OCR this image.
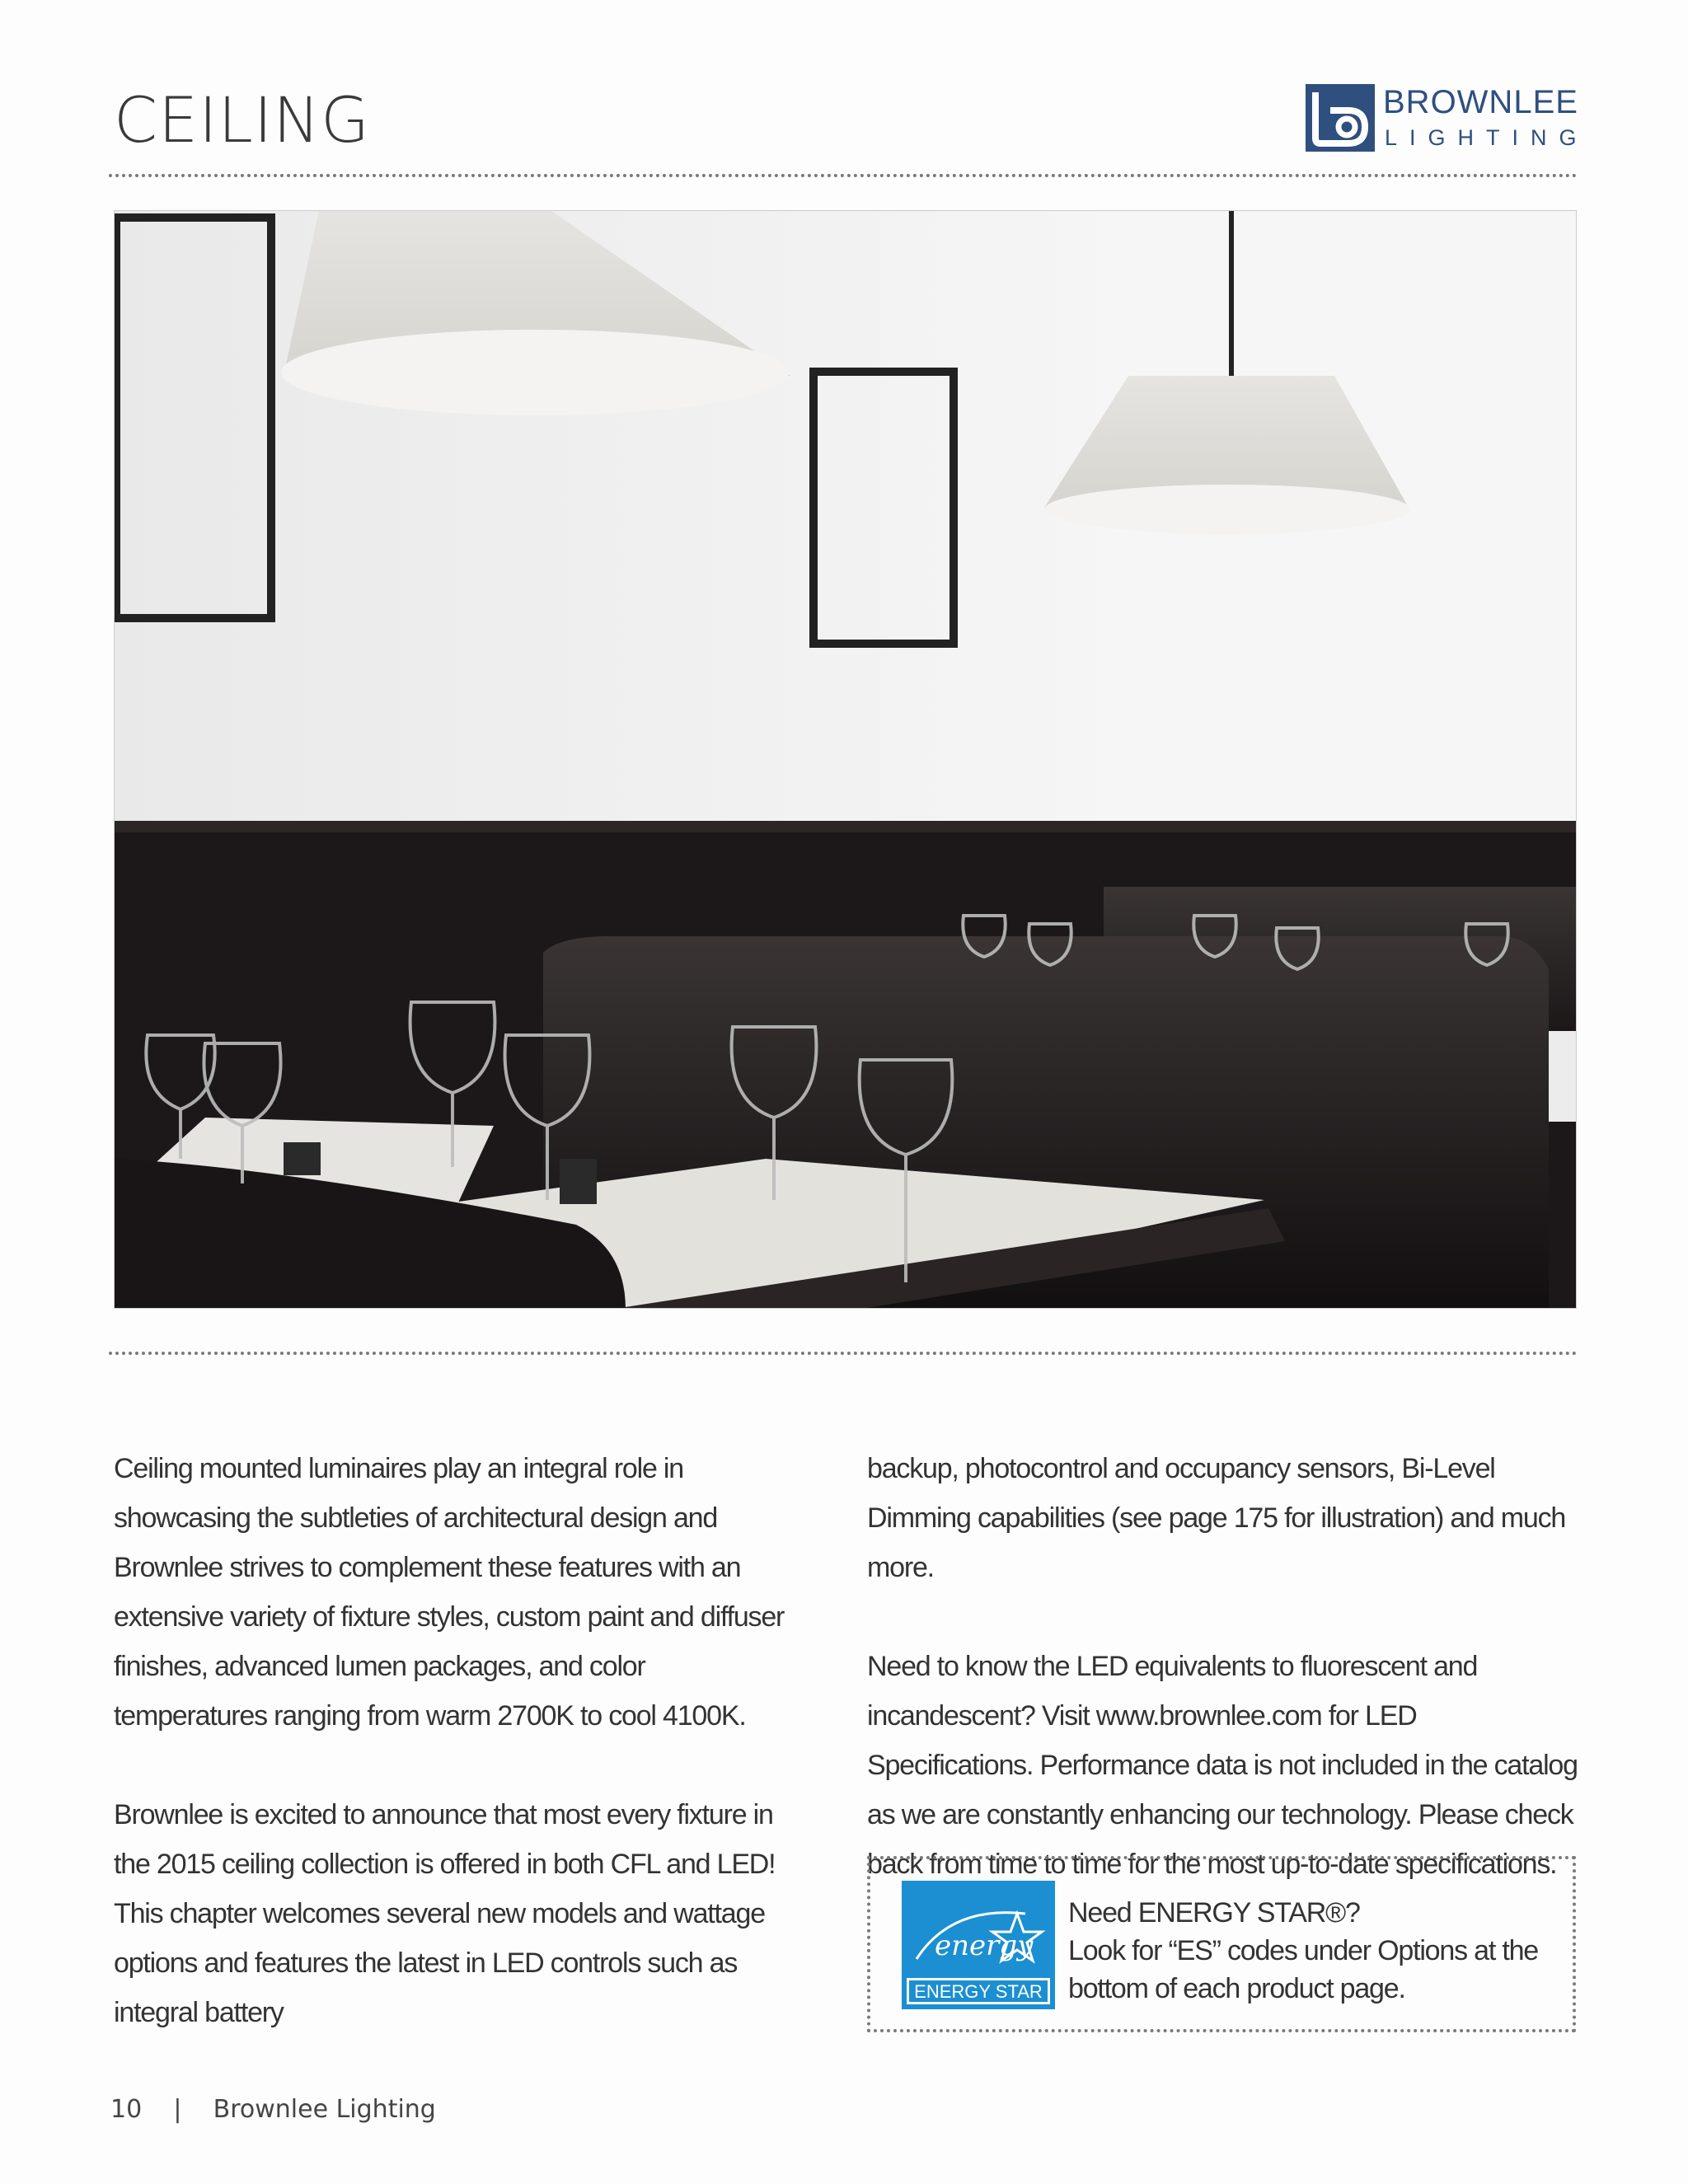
CEILING	BROWNLEE
LIGHTING

Ceiling mounted luminaires play an integral role in showcasing the subtleties of architectural design and Brownlee strives to complement these features with an extensive variety of fixture styles, custom paint and diffuser finishes, advanced lumen packages, and color temperatures ranging from warm 2700K to cool 4100K.

Brownlee is excited to announce that most every fixture in the 2015 ceiling collection is offered in both CFL and LED! This chapter welcomes several new models and wattage options and features the latest in LED controls such as integral battery

backup, photocontrol and occupancy sensors, Bi-Level Dimming capabilities (see page 175 for illustration) and much more.

Need to know the LED equivalents to fluorescent and incandescent? Visit www.brownlee.com for LED Specifications. Performance data is not included in the catalog as we are constantly enhancing our technology. Please check back from time to time for the most up-to-date specifications.

energy
ENERGY STAR
Need ENERGY STAR®?
Look for “ES” codes under Options at the
bottom of each product page.
10 | Brownlee Lighting
